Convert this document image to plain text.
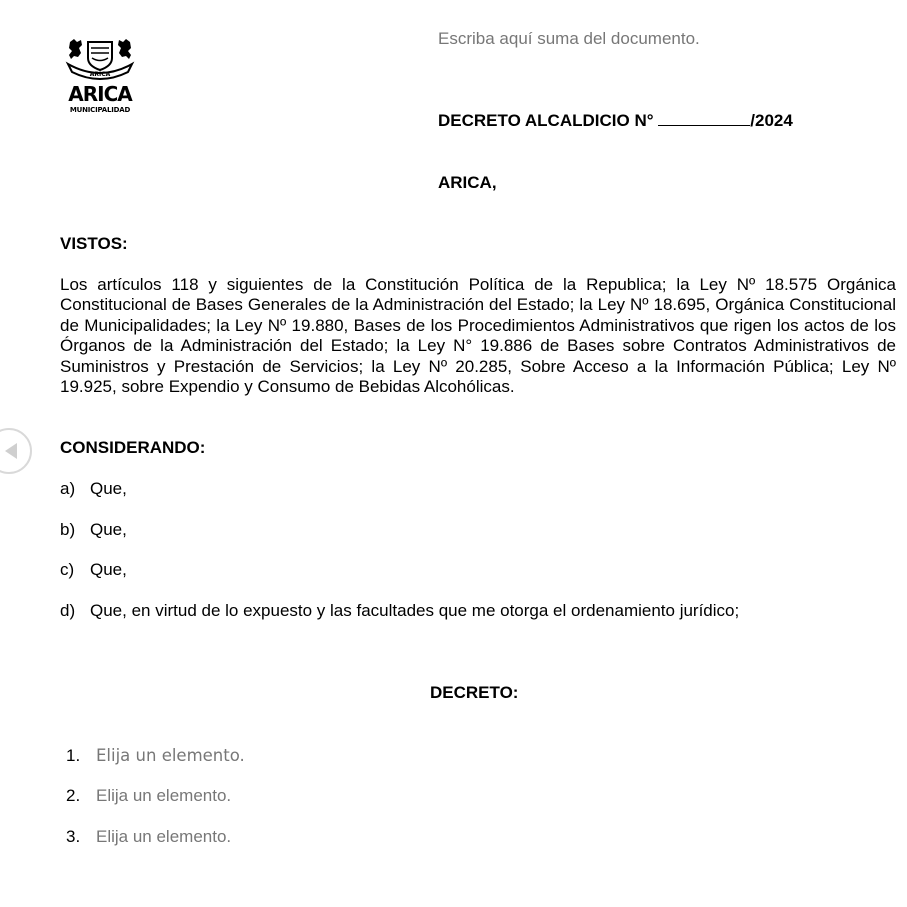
ARICA
ARICA
MUNICIPALIDAD
Escriba aquí suma del documento.
DECRETO ALCALDICIO N°	/2024
ARICA,
VISTOS:
Los artículos 118 y siguientes de la Constitución Política de la Republica; la Ley Nº 18.575 Orgánica Constitucional de Bases Generales de la Administración del Estado; la Ley Nº 18.695, Orgánica Constitucional de Municipalidades; la Ley Nº 19.880, Bases de los Procedimientos Administrativos que rigen los actos de los Órganos de la Administración del Estado; la Ley N° 19.886 de Bases sobre Contratos Administrativos de Suministros y Prestación de Servicios; la Ley Nº 20.285, Sobre Acceso a la Información Pública; Ley Nº 19.925, sobre Expendio y Consumo de Bebidas Alcohólicas.
CONSIDERANDO:
a) Que,
b) Que,
c) Que,
d) Que, en virtud de lo expuesto y las facultades que me otorga el ordenamiento jurídico;
DECRETO:
1. Elija un elemento.
2. Elija un elemento.
3. Elija un elemento.
